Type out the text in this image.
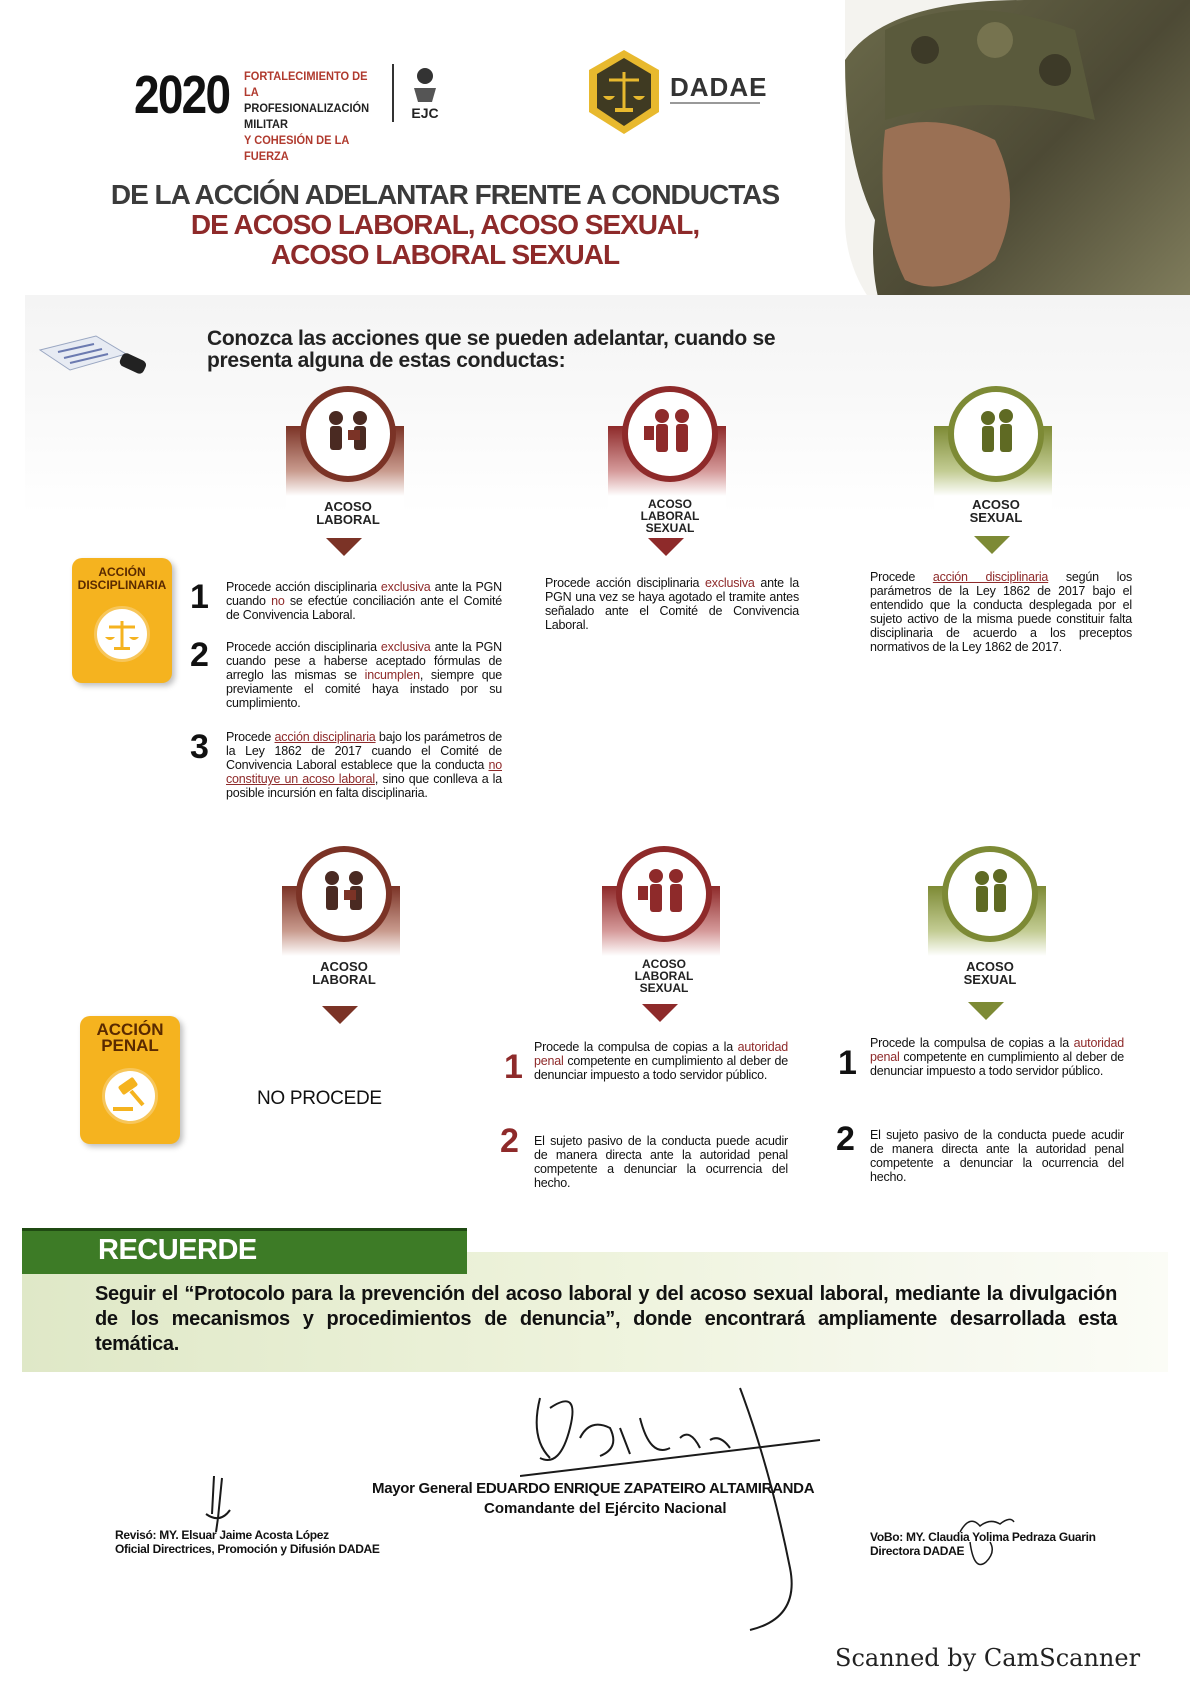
2020 FORTALECIMIENTO DE LA
PROFESIONALIZACIÓN MILITAR
Y COHESIÓN DE LA FUERZA
EJC
DADAE
DE LA ACCIÓN ADELANTAR FRENTE A CONDUCTAS
DE ACOSO LABORAL, ACOSO SEXUAL,
ACOSO LABORAL SEXUAL
Conozca las acciones que se pueden adelantar, cuando se presenta alguna de estas conductas:
ACOSO LABORAL
ACOSO LABORAL SEXUAL
ACOSO SEXUAL
ACCIÓN DISCIPLINARIA 1 Procede acción disciplinaria exclusiva ante la PGN cuando no se efectúe conciliación ante el Comité de Convivencia Laboral.
2 Procede acción disciplinaria exclusiva ante la PGN cuando pese a haberse aceptado fórmulas de arreglo las mismas se incumplen, siempre que previamente el comité haya instado por su cumplimiento.
3 Procede acción disciplinaria bajo los parámetros de la Ley 1862 de 2017 cuando el Comité de Convivencia Laboral establece que la conducta no constituye un acoso laboral, sino que conlleva a la posible incursión en falta disciplinaria.
Procede acción disciplinaria exclusiva ante la PGN una vez se haya agotado el tramite antes señalado ante el Comité de Convivencia Laboral.
Procede acción disciplinaria según los parámetros de la Ley 1862 de 2017 bajo el entendido que la conducta desplegada por el sujeto activo de la misma puede constituir falta disciplinaria de acuerdo a los preceptos normativos de la Ley 1862 de 2017.
ACOSO LABORAL
ACOSO LABORAL SEXUAL
ACOSO SEXUAL
ACCIÓN PENAL
NO PROCEDE
1
Procede la compulsa de copias a la autoridad penal competente en cumplimiento al deber de denunciar impuesto a todo servidor público.
2 El sujeto pasivo de la conducta puede acudir de manera directa ante la autoridad penal competente a denunciar la ocurrencia del hecho.
1
Procede la compulsa de copias a la autoridad penal competente en cumplimiento al deber de denunciar impuesto a todo servidor público.
2 El sujeto pasivo de la conducta puede acudir de manera directa ante la autoridad penal competente a denunciar la ocurrencia del hecho.
RECUERDE
Seguir el “Protocolo para la prevención del acoso laboral y del acoso sexual laboral, mediante la divulgación de los mecanismos y procedimientos de denuncia”, donde encontrará ampliamente desarrollada esta temática.
Mayor General EDUARDO ENRIQUE ZAPATEIRO ALTAMIRANDA
Comandante del Ejército Nacional
Revisó: MY. Elsuar Jaime Acosta López
Oficial Directrices, Promoción y Difusión DADAE
VoBo: MY. Claudia Yolima Pedraza Guarin
Directora DADAE
Scanned by CamScanner
